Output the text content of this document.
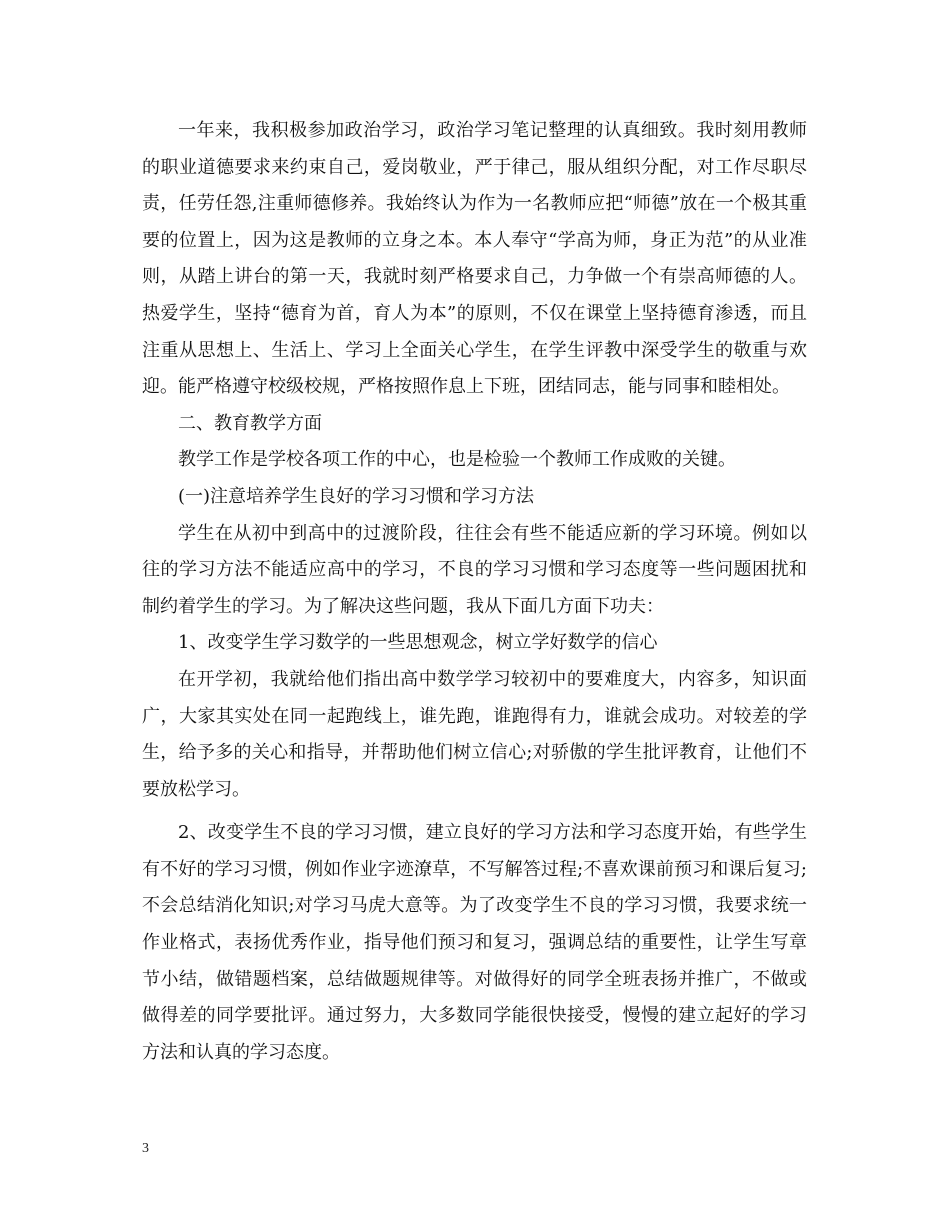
一年来，我积极参加政治学习，政治学习笔记整理的认真细致。我时刻用教师的职业道德要求来约束自己，爱岗敬业，严于律己，服从组织分配，对工作尽职尽责，任劳任怨,注重师德修养。我始终认为作为一名教师应把“师德”放在一个极其重要的位置上，因为这是教师的立身之本。本人奉守“学高为师，身正为范”的从业准则，从踏上讲台的第一天，我就时刻严格要求自己，力争做一个有崇高师德的人。热爱学生，坚持“德育为首，育人为本”的原则，不仅在课堂上坚持德育渗透，而且注重从思想上、生活上、学习上全面关心学生，在学生评教中深受学生的敬重与欢迎。能严格遵守校级校规，严格按照作息上下班，团结同志，能与同事和睦相处。

二、教育教学方面

教学工作是学校各项工作的中心，也是检验一个教师工作成败的关键。

(一)注意培养学生良好的学习习惯和学习方法

学生在从初中到高中的过渡阶段，往往会有些不能适应新的学习环境。例如以往的学习方法不能适应高中的学习，不良的学习习惯和学习态度等一些问题困扰和制约着学生的学习。为了解决这些问题，我从下面几方面下功夫：

1、改变学生学习数学的一些思想观念，树立学好数学的信心

在开学初，我就给他们指出高中数学学习较初中的要难度大，内容多，知识面广，大家其实处在同一起跑线上，谁先跑，谁跑得有力，谁就会成功。对较差的学生，给予多的关心和指导，并帮助他们树立信心;对骄傲的学生批评教育，让他们不要放松学习。

2、改变学生不良的学习习惯，建立良好的学习方法和学习态度开始，有些学生有不好的学习习惯，例如作业字迹潦草，不写解答过程;不喜欢课前预习和课后复习;不会总结消化知识;对学习马虎大意等。为了改变学生不良的学习习惯，我要求统一作业格式，表扬优秀作业，指导他们预习和复习，强调总结的重要性，让学生写章节小结，做错题档案，总结做题规律等。对做得好的同学全班表扬并推广，不做或做得差的同学要批评。通过努力，大多数同学能很快接受，慢慢的建立起好的学习方法和认真的学习态度。

3
